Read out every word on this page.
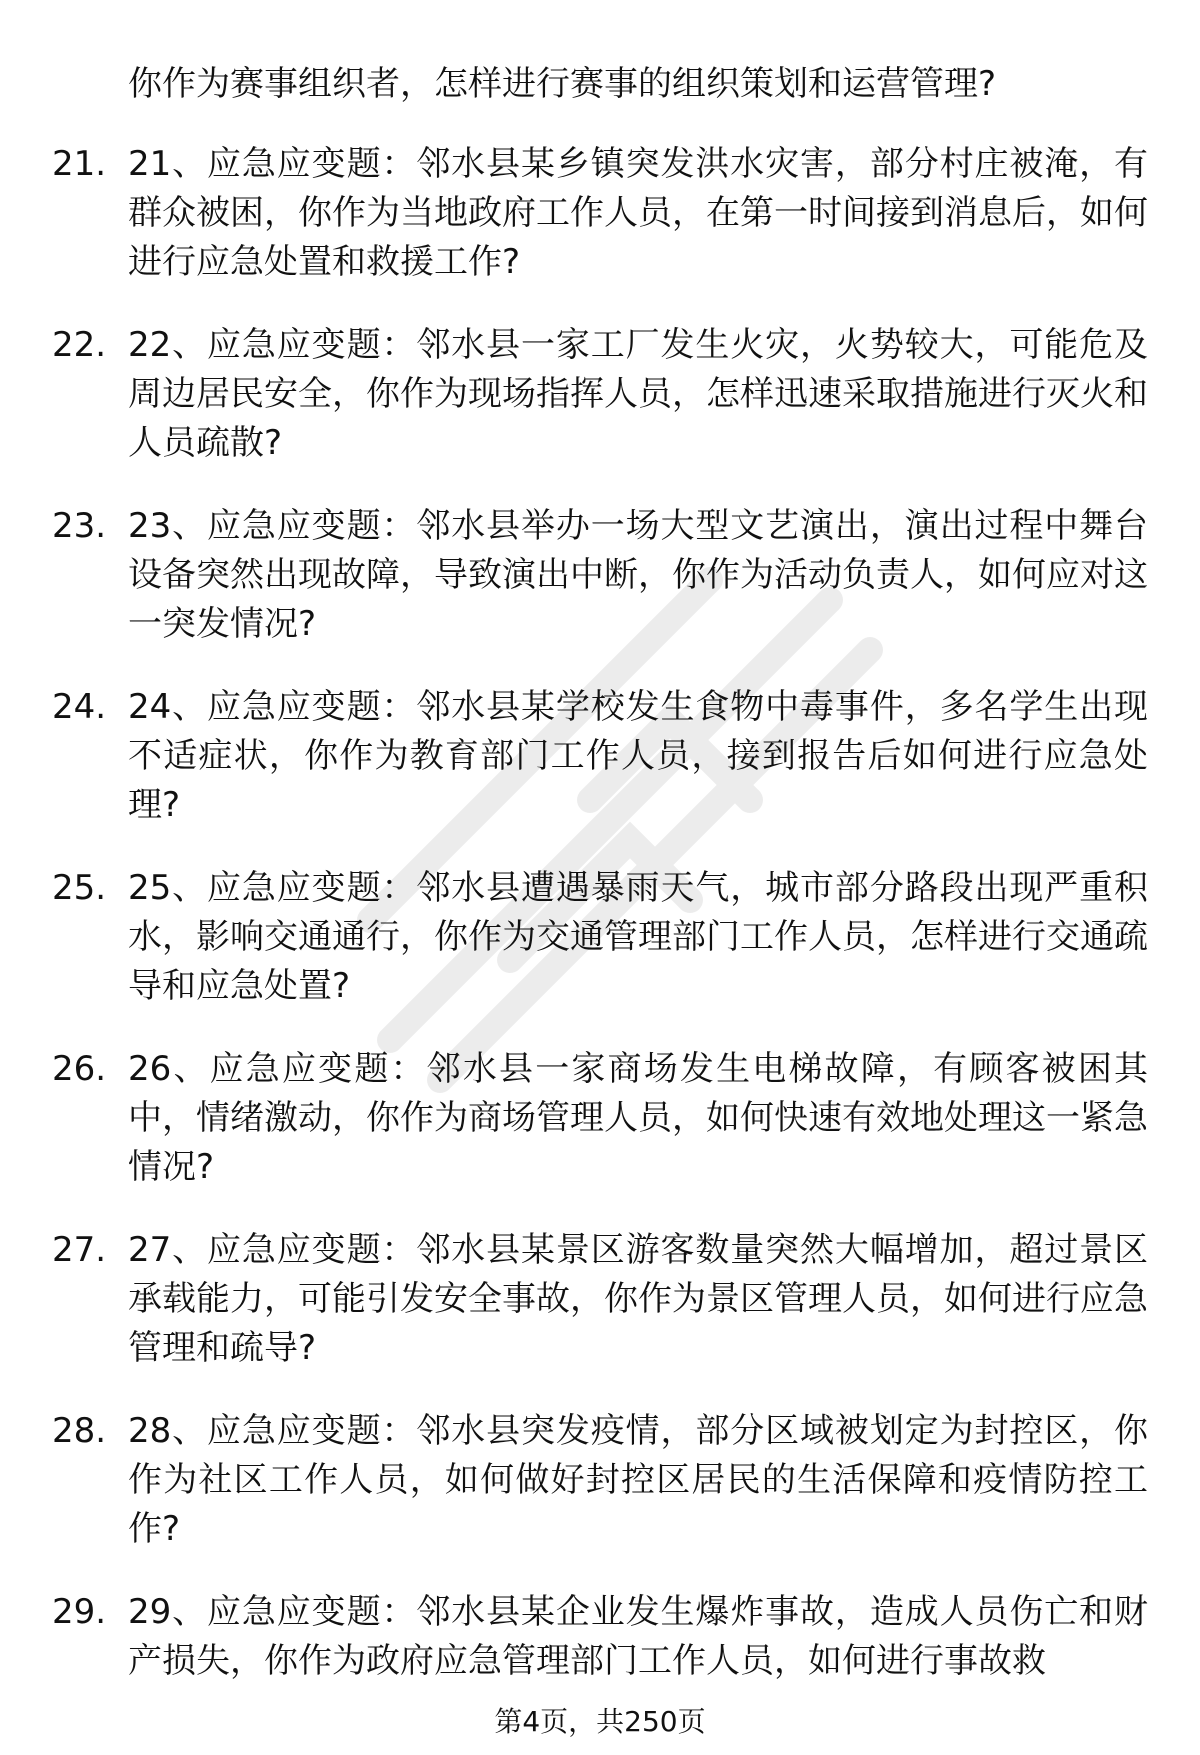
你作为赛事组织者，怎样进行赛事的组织策划和运营管理?
21. 21、应急应变题：邻水县某乡镇突发洪水灾害，部分村庄被淹，有群众被困，你作为当地政府工作人员，在第一时间接到消息后，如何进行应急处置和救援工作?
22. 22、应急应变题：邻水县一家工厂发生火灾，火势较大，可能危及周边居民安全，你作为现场指挥人员，怎样迅速采取措施进行灭火和人员疏散?
23. 23、应急应变题：邻水县举办一场大型文艺演出，演出过程中舞台设备突然出现故障，导致演出中断，你作为活动负责人，如何应对这一突发情况?
24. 24、应急应变题：邻水县某学校发生食物中毒事件，多名学生出现不适症状，你作为教育部门工作人员，接到报告后如何进行应急处理?
25. 25、应急应变题：邻水县遭遇暴雨天气，城市部分路段出现严重积水，影响交通通行，你作为交通管理部门工作人员，怎样进行交通疏导和应急处置?
26. 26、应急应变题：邻水县一家商场发生电梯故障，有顾客被困其中，情绪激动，你作为商场管理人员，如何快速有效地处理这一紧急情况?
27. 27、应急应变题：邻水县某景区游客数量突然大幅增加，超过景区承载能力，可能引发安全事故，你作为景区管理人员，如何进行应急管理和疏导?
28. 28、应急应变题：邻水县突发疫情，部分区域被划定为封控区，你作为社区工作人员，如何做好封控区居民的生活保障和疫情防控工作?
29. 29、应急应变题：邻水县某企业发生爆炸事故，造成人员伤亡和财产损失，你作为政府应急管理部门工作人员，如何进行事故救
第4页，共250页
